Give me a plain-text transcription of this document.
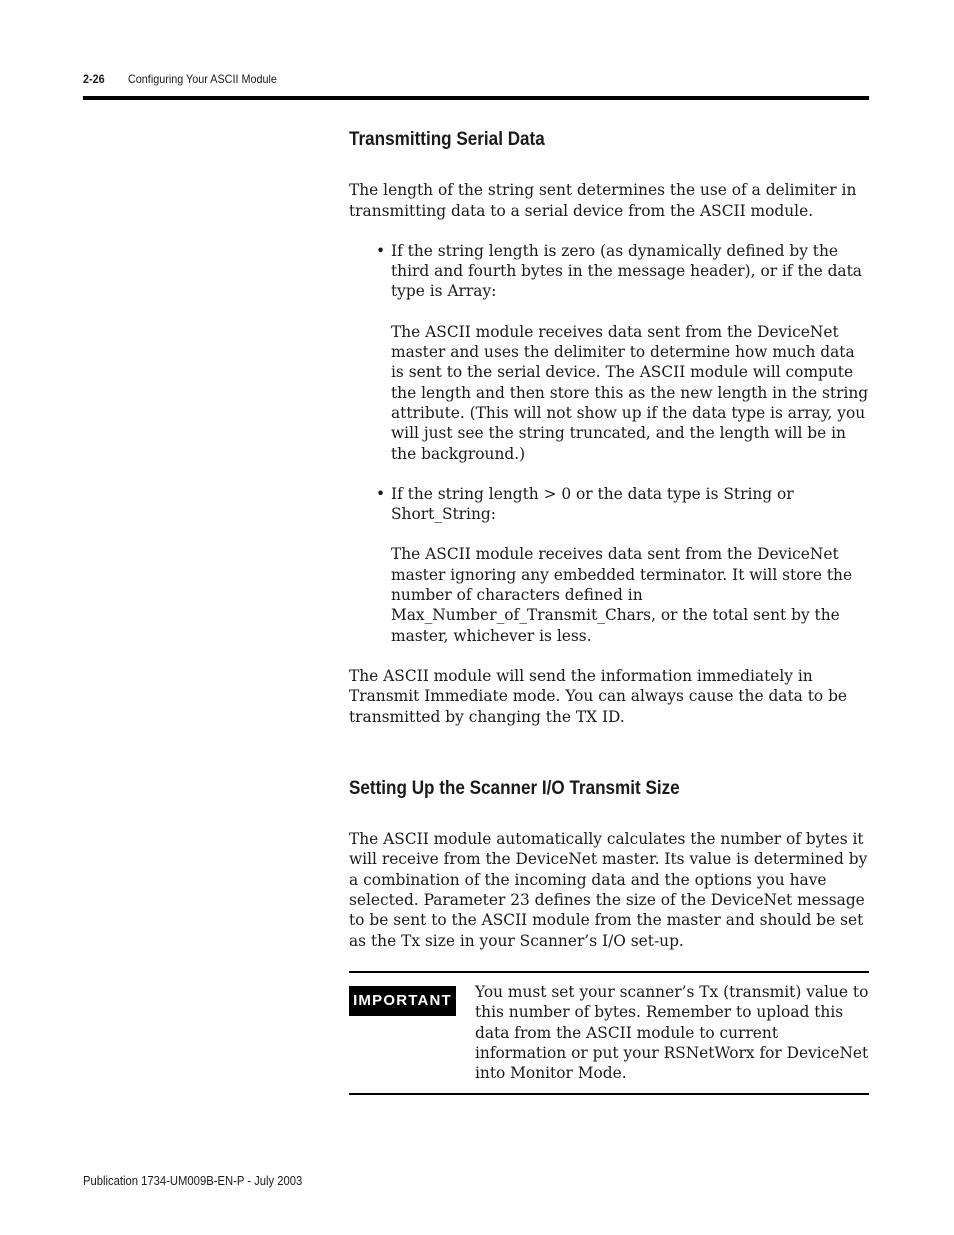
2-26 Configuring Your ASCII Module
Transmitting Serial Data

The length of the string sent determines the use of a delimiter in transmitting data to a serial device from the ASCII module.

• If the string length is zero (as dynamically defined by the third and fourth bytes in the message header), or if the data type is Array:

The ASCII module receives data sent from the DeviceNet master and uses the delimiter to determine how much data is sent to the serial device. The ASCII module will compute the length and then store this as the new length in the string attribute. (This will not show up if the data type is array, you will just see the string truncated, and the length will be in the background.)

• If the string length > 0 or the data type is String or Short_String:

The ASCII module receives data sent from the DeviceNet master ignoring any embedded terminator. It will store the number of characters defined in Max_Number_of_Transmit_Chars, or the total sent by the master, whichever is less.

The ASCII module will send the information immediately in Transmit Immediate mode. You can always cause the data to be transmitted by changing the TX ID.

Setting Up the Scanner I/O Transmit Size

The ASCII module automatically calculates the number of bytes it will receive from the DeviceNet master. Its value is determined by a combination of the incoming data and the options you have selected. Parameter 23 defines the size of the DeviceNet message to be sent to the ASCII module from the master and should be set as the Tx size in your Scanner’s I/O set-up.

IMPORTANT You must set your scanner’s Tx (transmit) value to this number of bytes. Remember to upload this data from the ASCII module to current information or put your RSNetWorx for DeviceNet into Monitor Mode.

Publication 1734-UM009B-EN-P - July 2003
